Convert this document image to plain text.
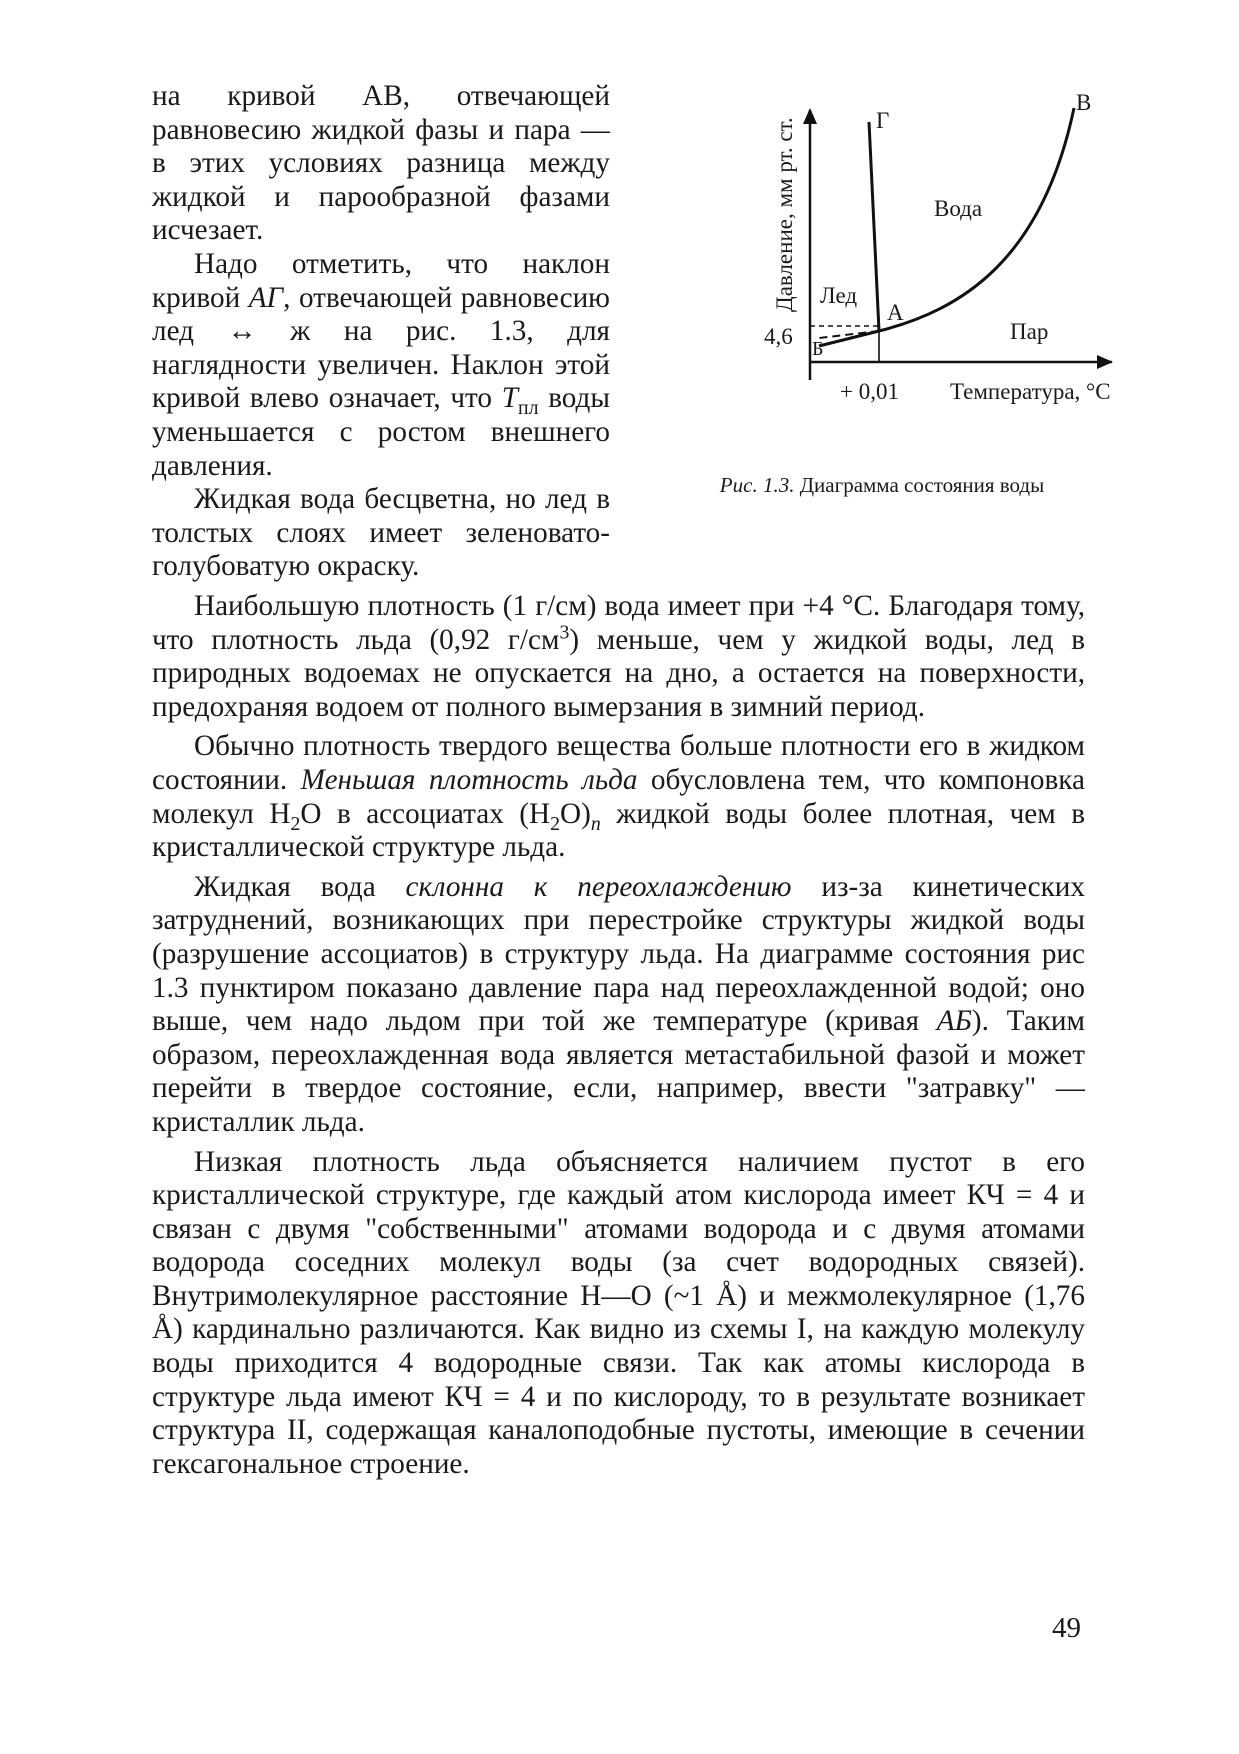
на кривой АВ, отвечающей равновесию жидкой фазы и пара — в этих условиях разница между жидкой и парообразной фазами исчезает.

Надо отметить, что наклон кривой АГ, отвечающей равновесию лед ↔ ж на рис. 1.3, для наглядности увеличен. Наклон этой кривой влево означает, что $T_{пл}$ воды уменьшается с ростом внешнего давления.

Жидкая вода бесцветна, но лед в толстых слоях имеет зеленовато-голубоватую окраску.

Давление, мм рт. ст.
4,6
+ 0,01 Температура, °С
Г
В
А
Б
Вода
Лед
Пар
Рис. 1.3. Диаграмма состояния воды

Наибольшую плотность (1 г/см) вода имеет при +4 °С. Благодаря тому, что плотность льда (0,92 $г/см^3$) меньше, чем у жидкой воды, лед в природных водоемах не опускается на дно, а остается на поверхности, предохраняя водоем от полного вымерзания в зимний период.

Обычно плотность твердого вещества больше плотности его в жидком состоянии. Меньшая плотность льда обусловлена тем, что компоновка молекул $H_2O$ в ассоциатах $(H_2O)_n$ жидкой воды более плотная, чем в кристаллической структуре льда.

Жидкая вода склонна к переохлаждению из-за кинетических затруднений, возникающих при перестройке структуры жидкой воды (разрушение ассоциатов) в структуру льда. На диаграмме состояния рис 1.3 пунктиром показано давление пара над переохлажденной водой; оно выше, чем надо льдом при той же температуре (кривая АБ). Таким образом, переохлажденная вода является метастабильной фазой и может перейти в твердое состояние, если, например, ввести "затравку" — кристаллик льда.

Низкая плотность льда объясняется наличием пустот в его кристаллической структуре, где каждый атом кислорода имеет КЧ = 4 и связан с двумя "собственными" атомами водорода и с двумя атомами водорода соседних молекул воды (за счет водородных связей). Внутримолекулярное расстояние Н—О (~1 Å) и межмолекулярное (1,76 Å) кардинально различаются. Как видно из схемы I, на каждую молекулу воды приходится 4 водородные связи. Так как атомы кислорода в структуре льда имеют КЧ = 4 и по кислороду, то в результате возникает структура II, содержащая каналоподобные пустоты, имеющие в сечении гексагональное строение.

49
